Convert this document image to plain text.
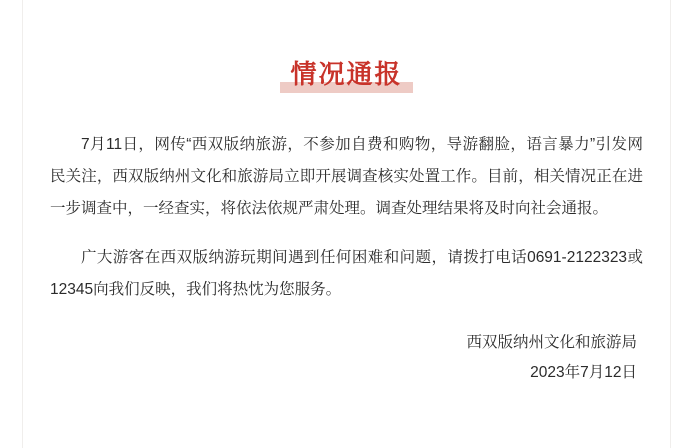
情况通报

7月11日，网传“西双版纳旅游，不参加自费和购物，导游翻脸，语言暴力”引发网民关注，西双版纳州文化和旅游局立即开展调查核实处置工作。目前，相关情况正在进一步调查中，一经查实，将依法依规严肃处理。调查处理结果将及时向社会通报。

广大游客在西双版纳游玩期间遇到任何困难和问题，请拨打电话0691-2122323或12345向我们反映，我们将热忱为您服务。

西双版纳州文化和旅游局
2023年7月12日
